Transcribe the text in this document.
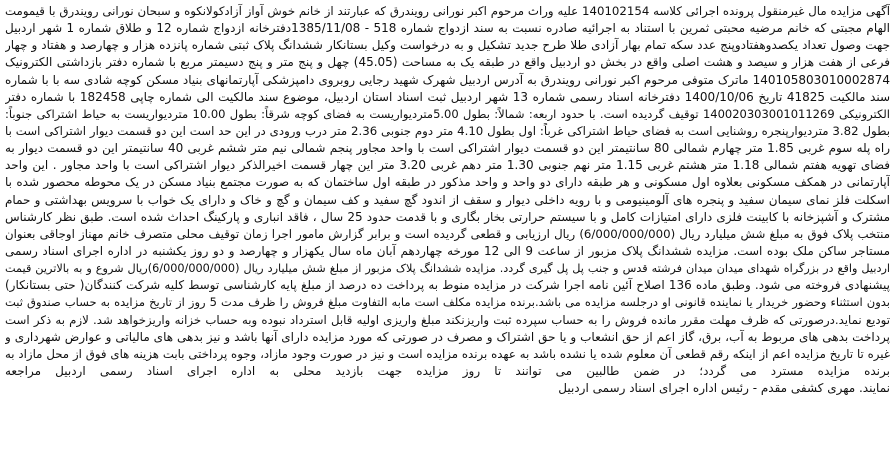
آگهی مزایده مال غیرمنقول پرونده اجرائی کلاسه 140102154 علیه وراث مرحوم اکبر نورانی رویندرق که عبارتند از خانم خوش آواز آزادکولانکوه و سبحان نورانی رویندرق با قیمومت
الهام مجبتی که خانم مرضیه محبتی ثمرین با استناد به اجرائیه صادره نسبت به سند ازدواج شماره 518 - 1385/11/08دفترخانه ازدواج شماره 12 و طلاق شماره 1 شهر اردبیل
جهت وصول تعداد یکصدوهفتادوپنج عدد سکه تمام بهار آزادی طلا طرح جدید تشکیل و به درخواست وکیل بستانکار ششدانگ پلاک ثبتی شماره پانزده هزار و چهارصد و هفتاد و چهار
فرعی از هفت هزار و سیصد و هشت اصلی واقع در بخش دو اردبیل واقع در طبقه یک به مساحت (45.05) چهل و پنج متر و پنج دسیمتر مربع با شماره دفتر بازداشتی الکترونیک
140105803010002874 ماترک متوفی مرحوم اکبر نورانی رویندرق به آدرس اردبیل شهرک شهید رجایی روبروی دامپزشکی آپارتمانهای بنیاد مسکن کوچه شادی سه با با شماره
سند مالکیت 41825 تاریخ 1400/10/06 دفترخانه اسناد رسمی شماره 13 شهر اردبیل ثبت اسناد استان اردبیل، موضوع سند مالکیت الی شماره چاپی 182458 با شماره دفتر
الکترونیکی 140020303001011269 توقیف گردیده است. با حدود اربعه: شمالاً: بطول 5.00متردیواریست به فضای کوچه شرقاً: بطول 10.00 متردیواریست به حیاط اشتراکی جنوباً:
بطول 3.82 متردیوارپنجره روشنایی است به فضای حیاط اشتراکی غرباً: اول بطول 4.10 متر دوم جنوبی 2.36 متر درب ورودی در این حد است این دو قسمت دیوار اشتراکی است با
راه پله سوم غربی 1.85 متر چهارم شمالی 80 سانتیمتر این دو قسمت دیوار اشتراکی است با واحد مجاور پنجم شمالی نیم متر ششم غربی 40 سانتیمتر این دو قسمت دیوار به
فضای تهویه هفتم شمالی 1.18 متر هشتم غربی 1.15 متر نهم جنوبی 1.30 متر دهم غربی 3.20 متر این چهار قسمت اخیرالذکر دیوار اشتراکی است با واحد مجاور . این واحد
آپارتمانی در همکف مسکونی بعلاوه اول مسکونی و هر طبقه دارای دو واحد و واحد مذکور در طبقه اول ساختمان که به صورت مجتمع بنیاد مسکن در یک محوطه محصور شده با
اسکلت فلز نمای سیمان سفید و پنجره های آلومینیومی و با رویه داخلی دیوار و سقف از اندود گچ سفید و کف سیمان و گچ و خاک و دارای یک خواب با سرویس بهداشتی و حمام
مشترک و آشپزخانه با کابینت فلزی دارای امتیازات کامل و با سیستم حرارتی بخار بگاری و با قدمت حدود 25 سال ، فاقد انباری و پارکینگ احداث شده است. طبق نظر کارشناس
منتخب پلاک فوق به مبلغ شش میلیارد ریال (6/000/000/000) ریال ارزیابی و قطعی گردیده است و برابر گزارش مامور اجرا زمان توقیف محلی متصرف خانم مهناز اوجاقی بعنوان
مستاجر ساکن ملک بوده است. مزایده ششدانگ پلاک مزبور از ساعت 9 الی 12 مورخه چهاردهم آبان ماه سال یکهزار و چهارصد و دو روز یکشنبه در اداره اجرای اسناد رسمی
اردبیل واقع در بزرگراه شهدای میدان میدان فرشته قدس و جنب پل پل گیری گردد. مزایده ششدانگ پلاک مزبور از مبلغ شش میلیارد ریال (6/000/000/000)ریال شروع و به بالاترین قیمت
پیشنهادی فروخته می شود. وطبق ماده 136 اصلاح آئین نامه اجرا شرکت در مزایده منوط به پرداخت ده درصد از مبلغ پایه کارشناسی توسط کلیه شرکت کنندگان( حتی بستانکار)
بدون استثناء وحضور خریدار یا نماینده قانونی او درجلسه مزایده می باشد.برنده مزایده مکلف است مابه التفاوت مبلغ فروش را ظرف مدت 5 روز از تاریخ مزایده به حساب صندوق ثبت
تودیع نماید.درصورتی که ظرف مهلت مقرر مانده فروش را به حساب سپرده ثبت واریزنکند مبلغ واریزی اولیه قابل استرداد نبوده وبه حساب خزانه واریزخواهد شد. لازم به ذکر است
پرداخت بدهی های مربوط به آب، برق، گاز اعم از حق انشعاب و یا حق اشتراک و مصرف در صورتی که مورد مزایده دارای آنها باشد و نیز بدهی های مالیاتی و عوارض شهرداری و
غیره تا تاریخ مزایده اعم از اینکه رقم قطعی آن معلوم شده یا نشده باشد به عهده برنده مزایده است و نیز در صورت وجود مازاد، وجوه پرداختی بابت هزینه های فوق از محل مازاد به
برنده مزایده مسترد می گردد؛ در ضمن طالبین می توانند تا روز مزایده جهت بازدید محلی به اداره اجرای اسناد رسمی اردبیل مراجعه
نمایند. مهری کشفی مقدم - رئیس اداره اجرای اسناد رسمی اردبیل
